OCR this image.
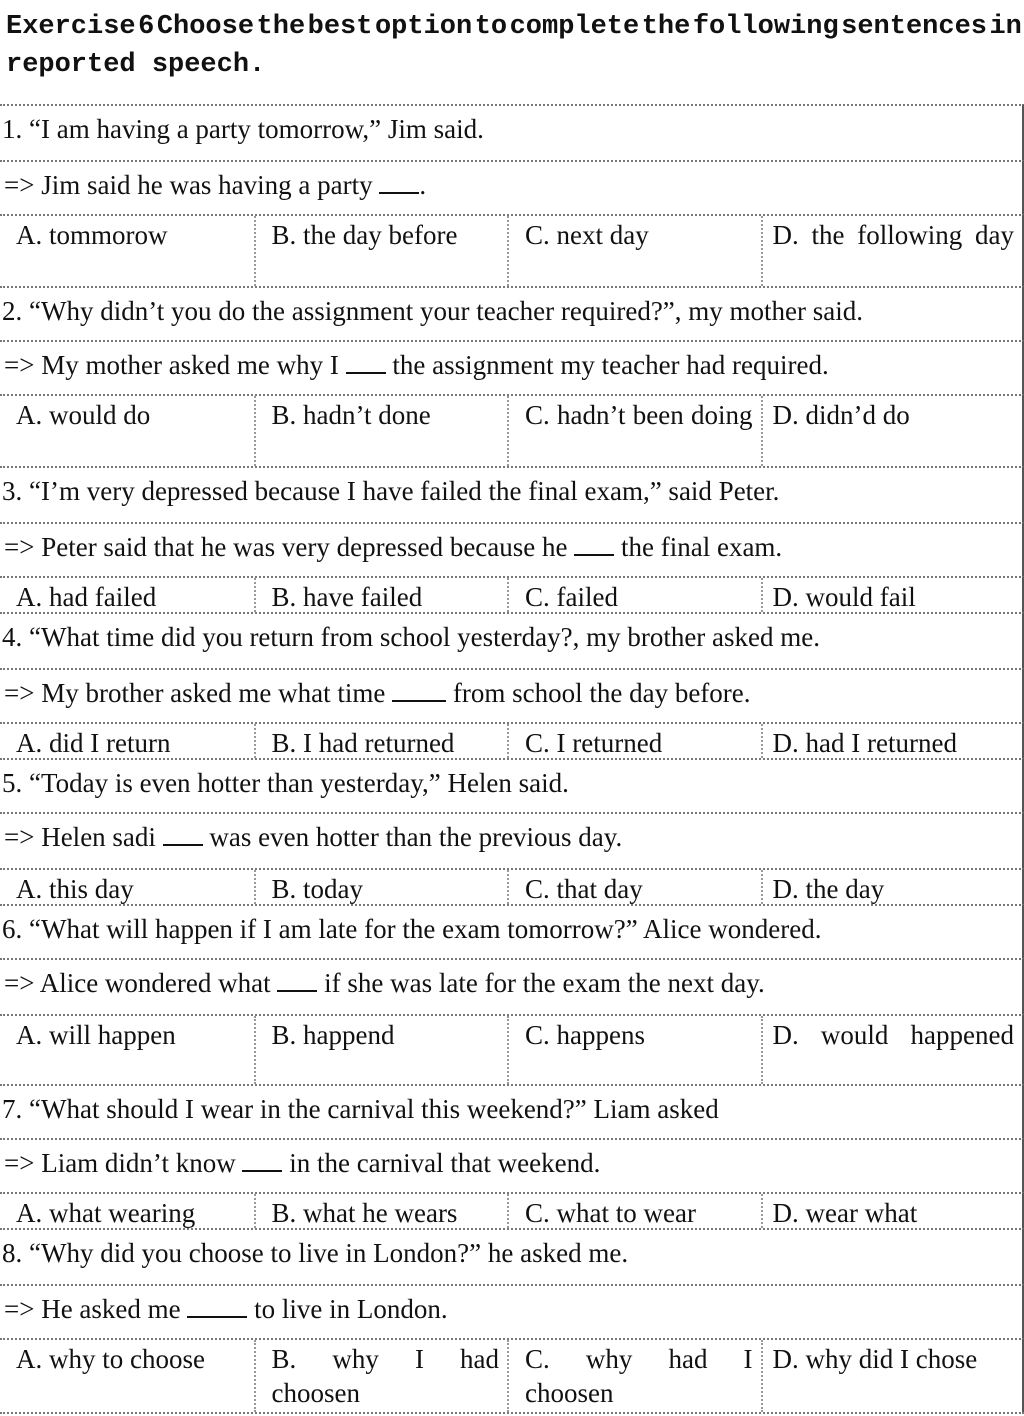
Exercise 6 Choose the best option to complete the following sentences in
reported speech.
1. “I am having a party tomorrow,” Jim said.
=> Jim said he was having a party .
A. tommorow	B. the day before	C. next day	D. the following day
2. “Why didn’t you do the assignment your teacher required?”, my mother said.
=> My mother asked me why I  the assignment my teacher had required.
A. would do	B. hadn’t done	C. hadn’t been doing D. didn’d do
3. “I’m very depressed because I have failed the final exam,” said Peter.
=> Peter said that he was very depressed because he  the final exam.
A. had failed	B. have failed	C. failed	D. would fail
4. “What time did you return from school yesterday?, my brother asked me.
=> My brother asked me what time  from school the day before.
A. did I return	B. I had returned	C. I returned	D. had I returned
5. “Today is even hotter than yesterday,” Helen said.
=> Helen sadi  was even hotter than the previous day.
A. this day	B. today	C. that day	D. the day
6. “What will happen if I am late for the exam tomorrow?” Alice wondered.
=> Alice wondered what  if she was late for the exam the next day.
A. will happen	B. happend	C. happens	D. would happened
7. “What should I wear in the carnival this weekend?” Liam asked
=> Liam didn’t know  in the carnival that weekend.
A. what wearing	B. what he wears	C. what to wear	D. wear what
8. “Why did you choose to live in London?” he asked me.
=> He asked me  to live in London.
A. why to choose	B. why I had choosen
C. why had I choosen
D. why did I chose
